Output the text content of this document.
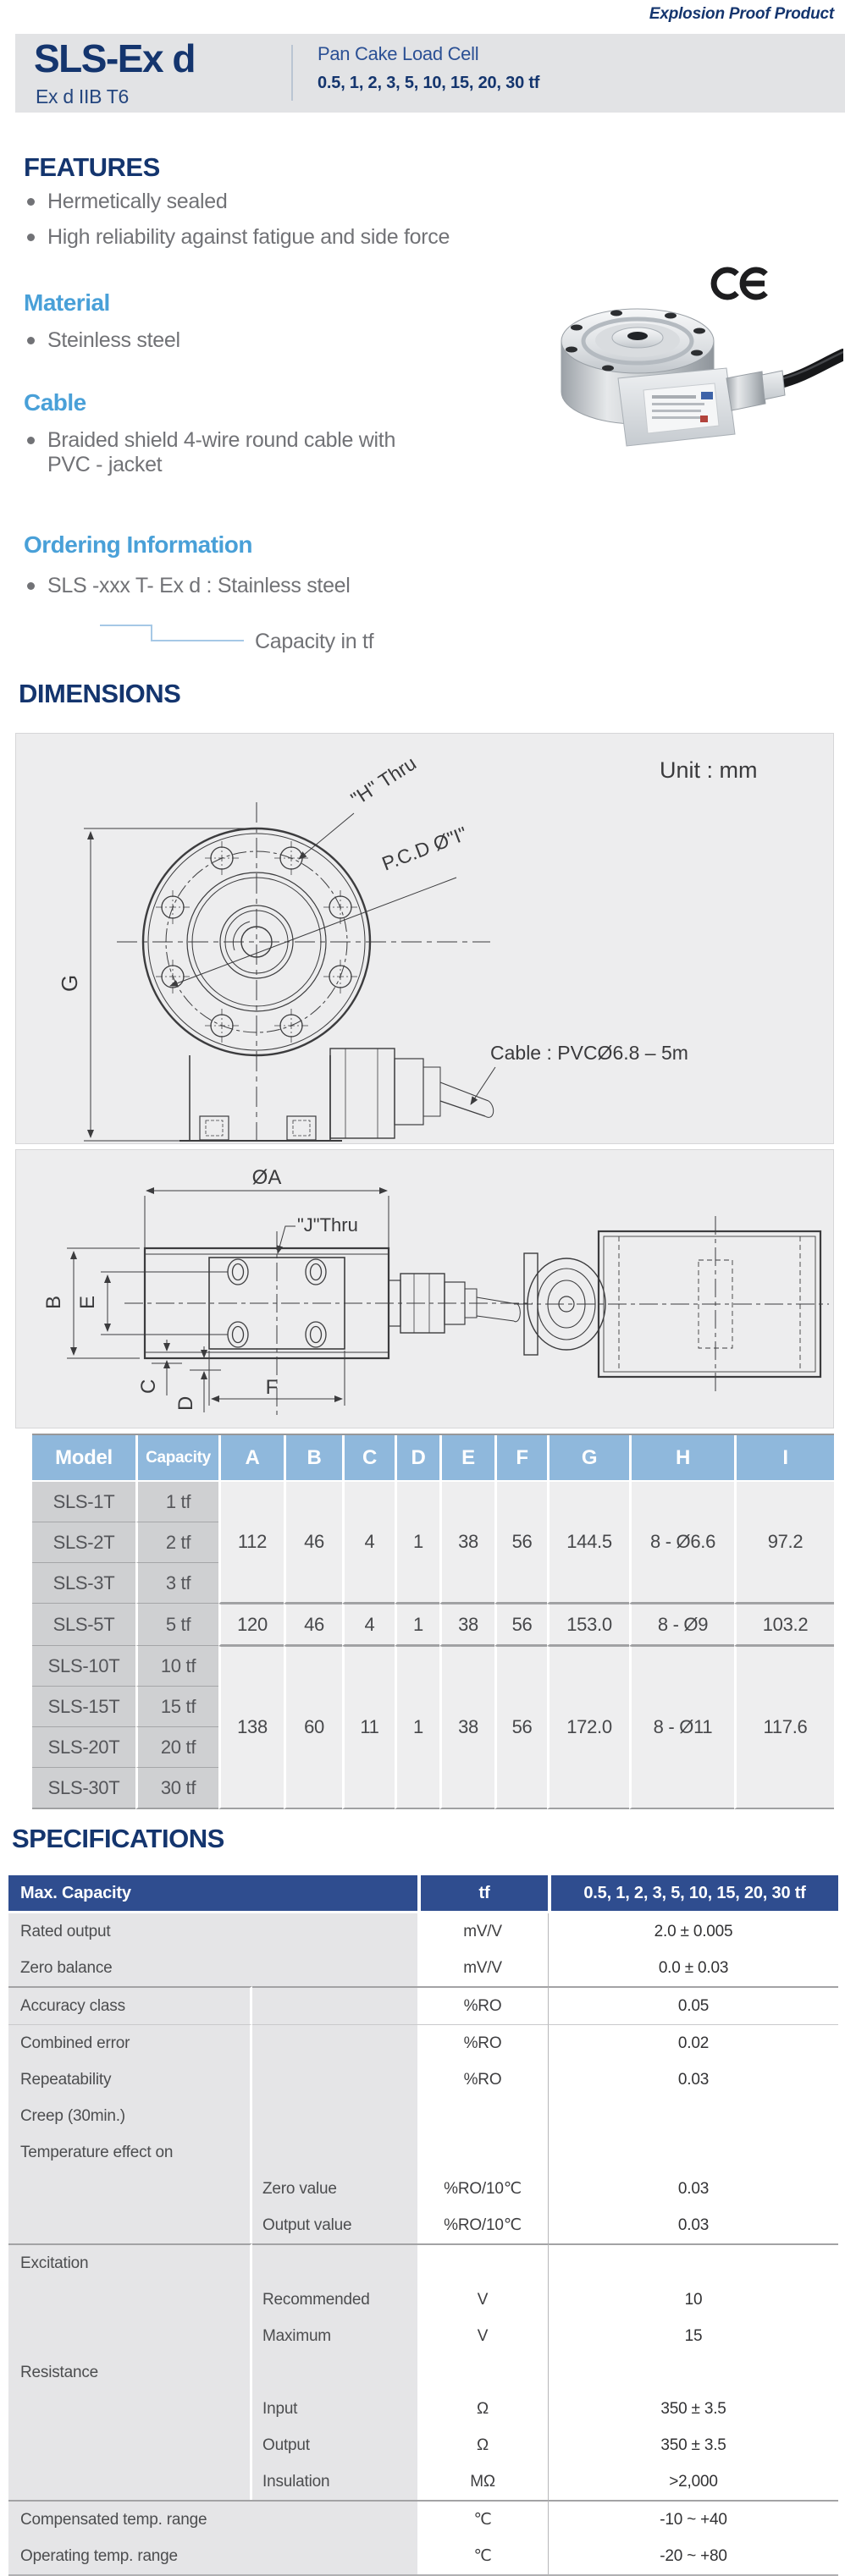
Explosion Proof Product
SLS-Ex d
Ex d IIB T6
Pan Cake Load Cell
0.5, 1, 2, 3, 5, 10, 15, 20, 30 tf
FEATURES
Hermetically sealed
High reliability against fatigue and side force
Material
Steinless steel
Cable
Braided shield 4-wire round cable with PVC - jacket
Ordering Information
SLS -xxx T- Ex d : Stainless steel
Capacity in tf
DIMENSIONS
Unit : mm
G
"H" Thru
P.C.D Ø"I"
Cable : PVCØ6.8 – 5m
ØA
"J"Thru
B E
C
D
F
Model	Capacity	A	B	C	D	E	F	G	H	I
SLS-1T	1 tf	112	46	4	1	38	56	144.5	8 - Ø6.6	97.2
SLS-2T	2 tf									
SLS-3T	3 tf									
SLS-5T	5 tf	120	46	4	1	38	56	153.0	8 - Ø9	103.2
SLS-10T	10 tf	138	60	11	1	38	56	172.0	8 - Ø11	117.6
SLS-15T	15 tf									
SLS-20T	20 tf									
SLS-30T	30 tf									
SPECIFICATIONS
Max. Capacity		tf	0.5, 1, 2, 3, 5, 10, 15, 20, 30 tf
Rated output		mV/V	2.0 ± 0.005
Zero balance		mV/V	0.0 ± 0.03
Accuracy class		%RO	0.05
Combined error		%RO	0.02
Repeatability		%RO	0.03
Creep (30min.)			
Temperature effect on			
	Zero value	%RO/10℃	0.03
	Output value	%RO/10℃	0.03
Excitation			
	Recommended	V	10
	Maximum	V	15
Resistance			
	Input	Ω	350 ± 3.5
	Output	Ω	350 ± 3.5
	Insulation	MΩ	>2,000
Compensated temp. range		℃	-10 ~ +40
Operating temp. range		℃	-20 ~ +80
